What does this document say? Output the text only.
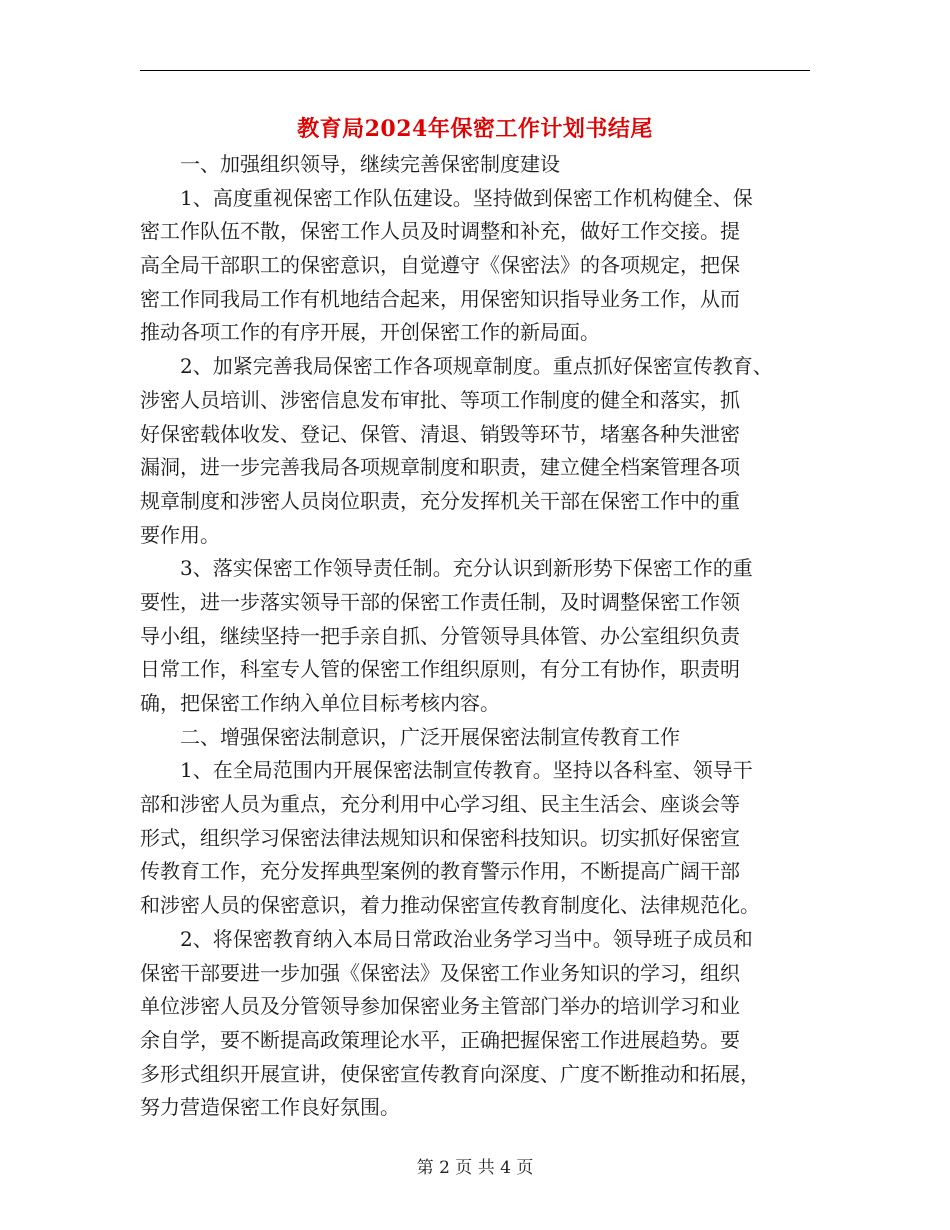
教育局2024年保密工作计划书结尾
一、加强组织领导，继续完善保密制度建设
1、高度重视保密工作队伍建设。坚持做到保密工作机构健全、保
密工作队伍不散，保密工作人员及时调整和补充，做好工作交接。提
高全局干部职工的保密意识，自觉遵守《保密法》的各项规定，把保
密工作同我局工作有机地结合起来，用保密知识指导业务工作，从而
推动各项工作的有序开展，开创保密工作的新局面。
2、加紧完善我局保密工作各项规章制度。重点抓好保密宣传教育、
涉密人员培训、涉密信息发布审批、等项工作制度的健全和落实，抓
好保密载体收发、登记、保管、清退、销毁等环节，堵塞各种失泄密
漏洞，进一步完善我局各项规章制度和职责，建立健全档案管理各项
规章制度和涉密人员岗位职责，充分发挥机关干部在保密工作中的重
要作用。
3、落实保密工作领导责任制。充分认识到新形势下保密工作的重
要性，进一步落实领导干部的保密工作责任制，及时调整保密工作领
导小组，继续坚持一把手亲自抓、分管领导具体管、办公室组织负责
日常工作，科室专人管的保密工作组织原则，有分工有协作，职责明
确，把保密工作纳入单位目标考核内容。
二、增强保密法制意识，广泛开展保密法制宣传教育工作
1、在全局范围内开展保密法制宣传教育。坚持以各科室、领导干
部和涉密人员为重点，充分利用中心学习组、民主生活会、座谈会等
形式，组织学习保密法律法规知识和保密科技知识。切实抓好保密宣
传教育工作，充分发挥典型案例的教育警示作用，不断提高广阔干部
和涉密人员的保密意识，着力推动保密宣传教育制度化、法律规范化。
2、将保密教育纳入本局日常政治业务学习当中。领导班子成员和
保密干部要进一步加强《保密法》及保密工作业务知识的学习，组织
单位涉密人员及分管领导参加保密业务主管部门举办的培训学习和业
余自学，要不断提高政策理论水平，正确把握保密工作进展趋势。要
多形式组织开展宣讲，使保密宣传教育向深度、广度不断推动和拓展，
努力营造保密工作良好氛围。
第 2 页 共 4 页
